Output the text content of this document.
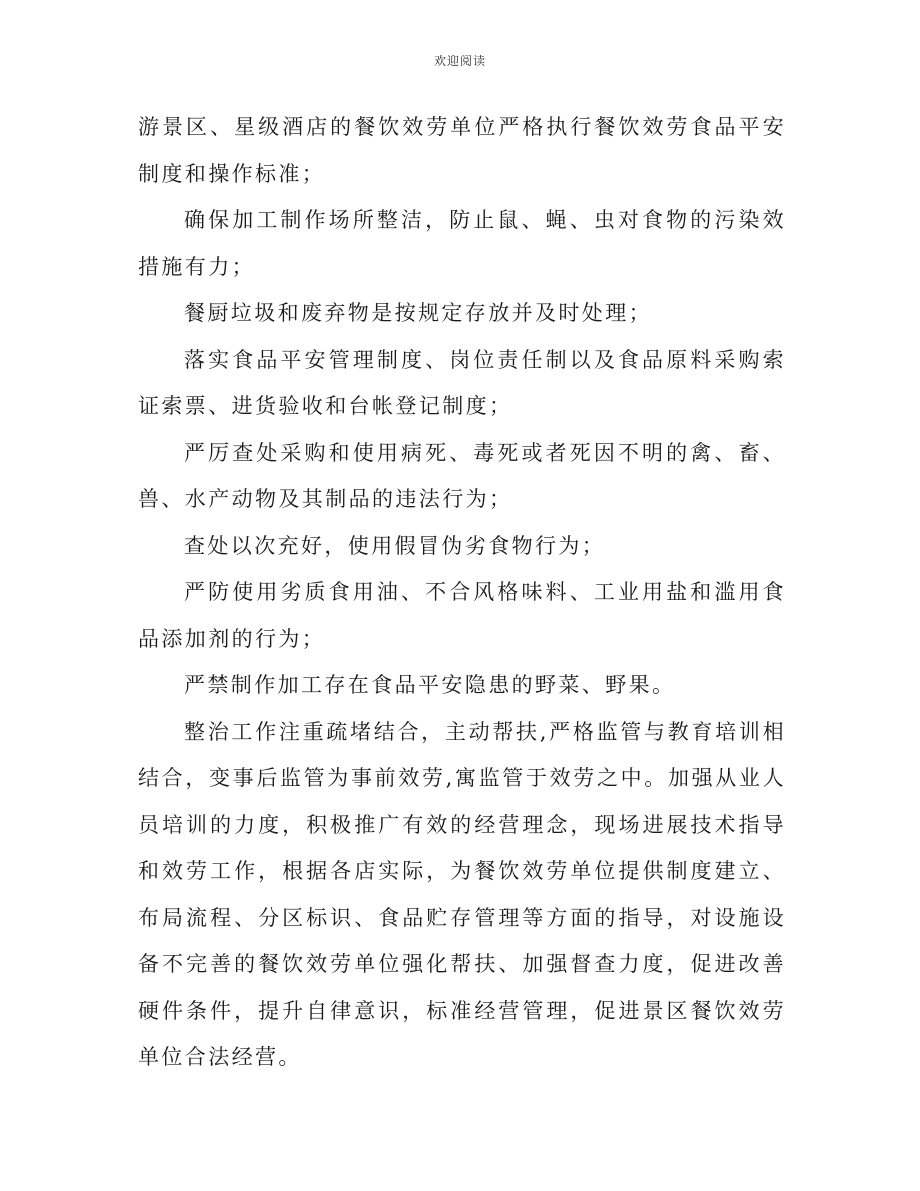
欢迎阅读

游景区、星级酒店的餐饮效劳单位严格执行餐饮效劳食品平安制度和操作标准；

确保加工制作场所整洁，防止鼠、蝇、虫对食物的污染效措施有力；

餐厨垃圾和废弃物是按规定存放并及时处理；

落实食品平安管理制度、岗位责任制以及食品原料采购索证索票、进货验收和台帐登记制度；

严厉查处采购和使用病死、毒死或者死因不明的禽、畜、兽、水产动物及其制品的违法行为；

查处以次充好，使用假冒伪劣食物行为；

严防使用劣质食用油、不合风格味料、工业用盐和滥用食品添加剂的行为；

严禁制作加工存在食品平安隐患的野菜、野果。

整治工作注重疏堵结合，主动帮扶,严格监管与教育培训相结合，变事后监管为事前效劳,寓监管于效劳之中。加强从业人员培训的力度，积极推广有效的经营理念，现场进展技术指导和效劳工作，根据各店实际，为餐饮效劳单位提供制度建立、布局流程、分区标识、食品贮存管理等方面的指导，对设施设备不完善的餐饮效劳单位强化帮扶、加强督查力度，促进改善硬件条件，提升自律意识，标准经营管理，促进景区餐饮效劳单位合法经营。
